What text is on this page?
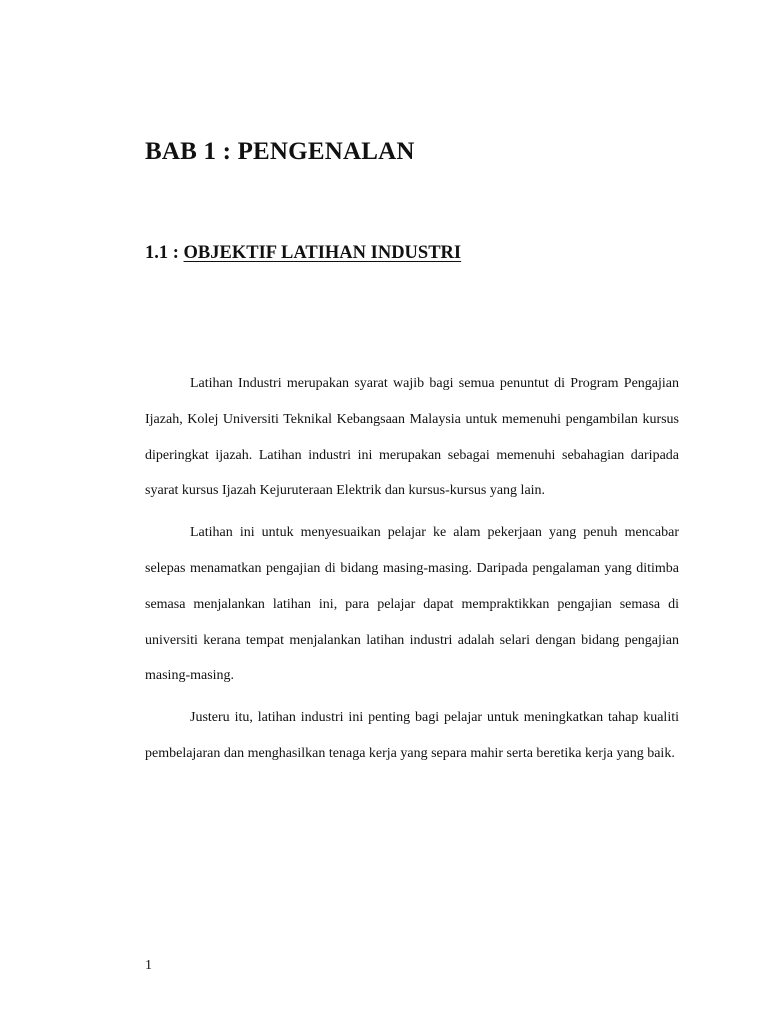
BAB 1 : PENGENALAN
1.1 : OBJEKTIF LATIHAN INDUSTRI

Latihan Industri merupakan syarat wajib bagi semua penuntut di Program Pengajian Ijazah, Kolej Universiti Teknikal Kebangsaan Malaysia untuk memenuhi pengambilan kursus diperingkat ijazah. Latihan industri ini merupakan sebagai memenuhi sebahagian daripada syarat kursus Ijazah Kejuruteraan Elektrik dan kursus-kursus yang lain.

Latihan ini untuk menyesuaikan pelajar ke alam pekerjaan yang penuh mencabar selepas menamatkan pengajian di bidang masing-masing. Daripada pengalaman yang ditimba semasa menjalankan latihan ini, para pelajar dapat mempraktikkan pengajian semasa di universiti kerana tempat menjalankan latihan industri adalah selari dengan bidang pengajian masing-masing.

Justeru itu, latihan industri ini penting bagi pelajar untuk meningkatkan tahap kualiti pembelajaran dan menghasilkan tenaga kerja yang separa mahir serta beretika kerja yang baik.

1
